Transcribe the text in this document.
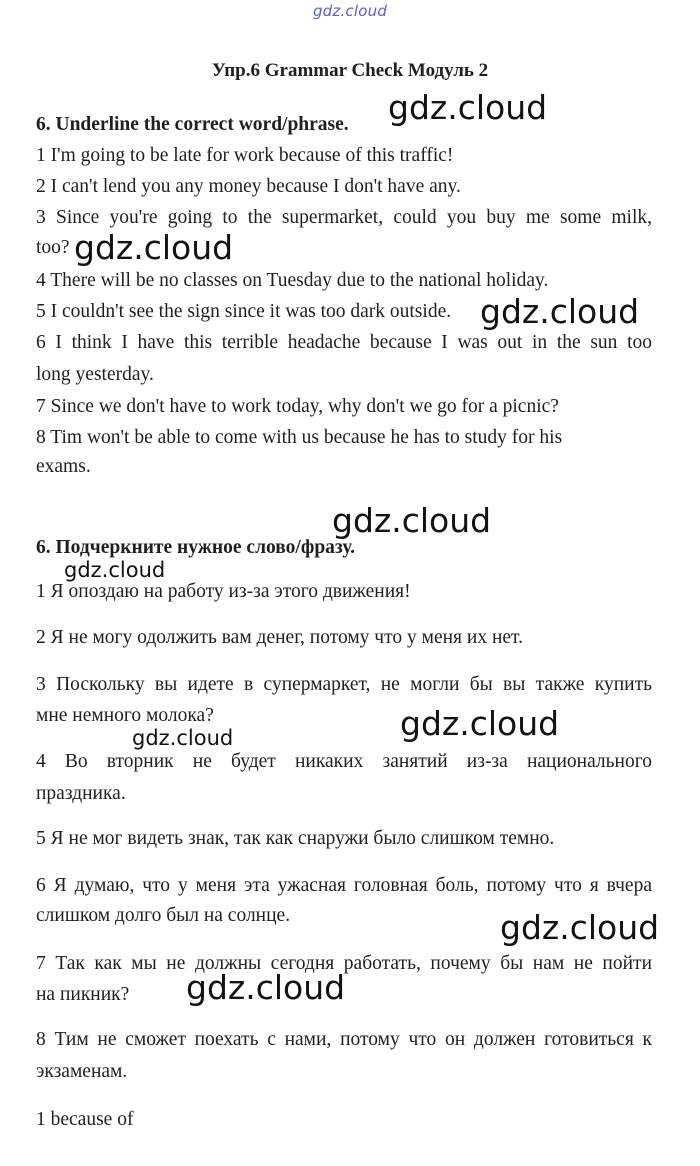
gdz.cloud
Упр.6 Grammar Check Модуль 2
6. Underline the correct word/phrase.
1 I'm going to be late for work because of this traffic!
2 I can't lend you any money because I don't have any.
3 Since you're going to the supermarket, could you buy me some milk,
too?
4 There will be no classes on Tuesday due to the national holiday.
5 I couldn't see the sign since it was too dark outside.
6 I think I have this terrible headache because I was out in the sun too
long yesterday.
7 Since we don't have to work today, why don't we go for a picnic?
8 Tim won't be able to come with us because he has to study for his
exams.
6. Подчеркните нужное слово/фразу.
1 Я опоздаю на работу из-за этого движения!
2 Я не могу одолжить вам денег, потому что у меня их нет.
3 Поскольку вы идете в супермаркет, не могли бы вы также купить
мне немного молока?
4 Во вторник не будет никаких занятий из-за национального
праздника.
5 Я не мог видеть знак, так как снаружи было слишком темно.
6 Я думаю, что у меня эта ужасная головная боль, потому что я вчера
слишком долго был на солнце.
7 Так как мы не должны сегодня работать, почему бы нам не пойти
на пикник?
8 Тим не сможет поехать с нами, потому что он должен готовиться к
экзаменам.
1 because of
gdz.cloud
gdz.cloud
gdz.cloud
gdz.cloud
gdz.cloud
gdz.cloud
gdz.cloud
gdz.cloud
gdz.cloud
